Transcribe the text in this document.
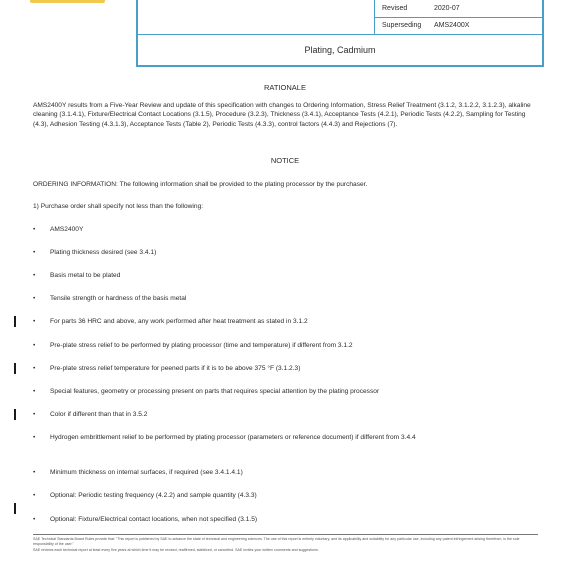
Revised	2020-07
Superseding	AMS2400X
Plating, Cadmium
RATIONALE
AMS2400Y results from a Five-Year Review and update of this specification with changes to Ordering Information, Stress Relief Treatment (3.1.2, 3.1.2.2, 3.1.2.3), alkaline cleaning (3.1.4.1), Fixture/Electrical Contact Locations (3.1.5), Procedure (3.2.3), Thickness (3.4.1), Acceptance Tests (4.2.1), Periodic Tests (4.2.2), Sampling for Testing (4.3), Adhesion Testing (4.3.1.3), Acceptance Tests (Table 2), Periodic Tests (4.3.3), control factors (4.4.3) and Rejections (7).
NOTICE
ORDERING INFORMATION: The following information shall be provided to the plating processor by the purchaser.
1) Purchase order shall specify not less than the following:
• AMS2400Y
• Plating thickness desired (see 3.4.1)
• Basis metal to be plated
• Tensile strength or hardness of the basis metal
• For parts 36 HRC and above, any work performed after heat treatment as stated in 3.1.2
• Pre-plate stress relief to be performed by plating processor (time and temperature) if different from 3.1.2
• Pre-plate stress relief temperature for peened parts if it is to be above 375 °F (3.1.2.3)
• Special features, geometry or processing present on parts that requires special attention by the plating processor
• Color if different than that in 3.5.2
• Hydrogen embrittlement relief to be performed by plating processor (parameters or reference document) if different from 3.4.4
• Minimum thickness on internal surfaces, if required (see 3.4.1.4.1)
• Optional: Periodic testing frequency (4.2.2) and sample quantity (4.3.3)
• Optional: Fixture/Electrical contact locations, when not specified (3.1.5)
SAE Technical Standards Board Rules provide that: "This report is published by SAE to advance the state of technical and engineering sciences. The use of this report is entirely voluntary, and its applicability and suitability for any particular use, including any patent infringement arising therefrom, is the sole responsibility of the user."
SAE reviews each technical report at least every five years at which time it may be revised, reaffirmed, stabilized, or cancelled. SAE invites your written comments and suggestions.
